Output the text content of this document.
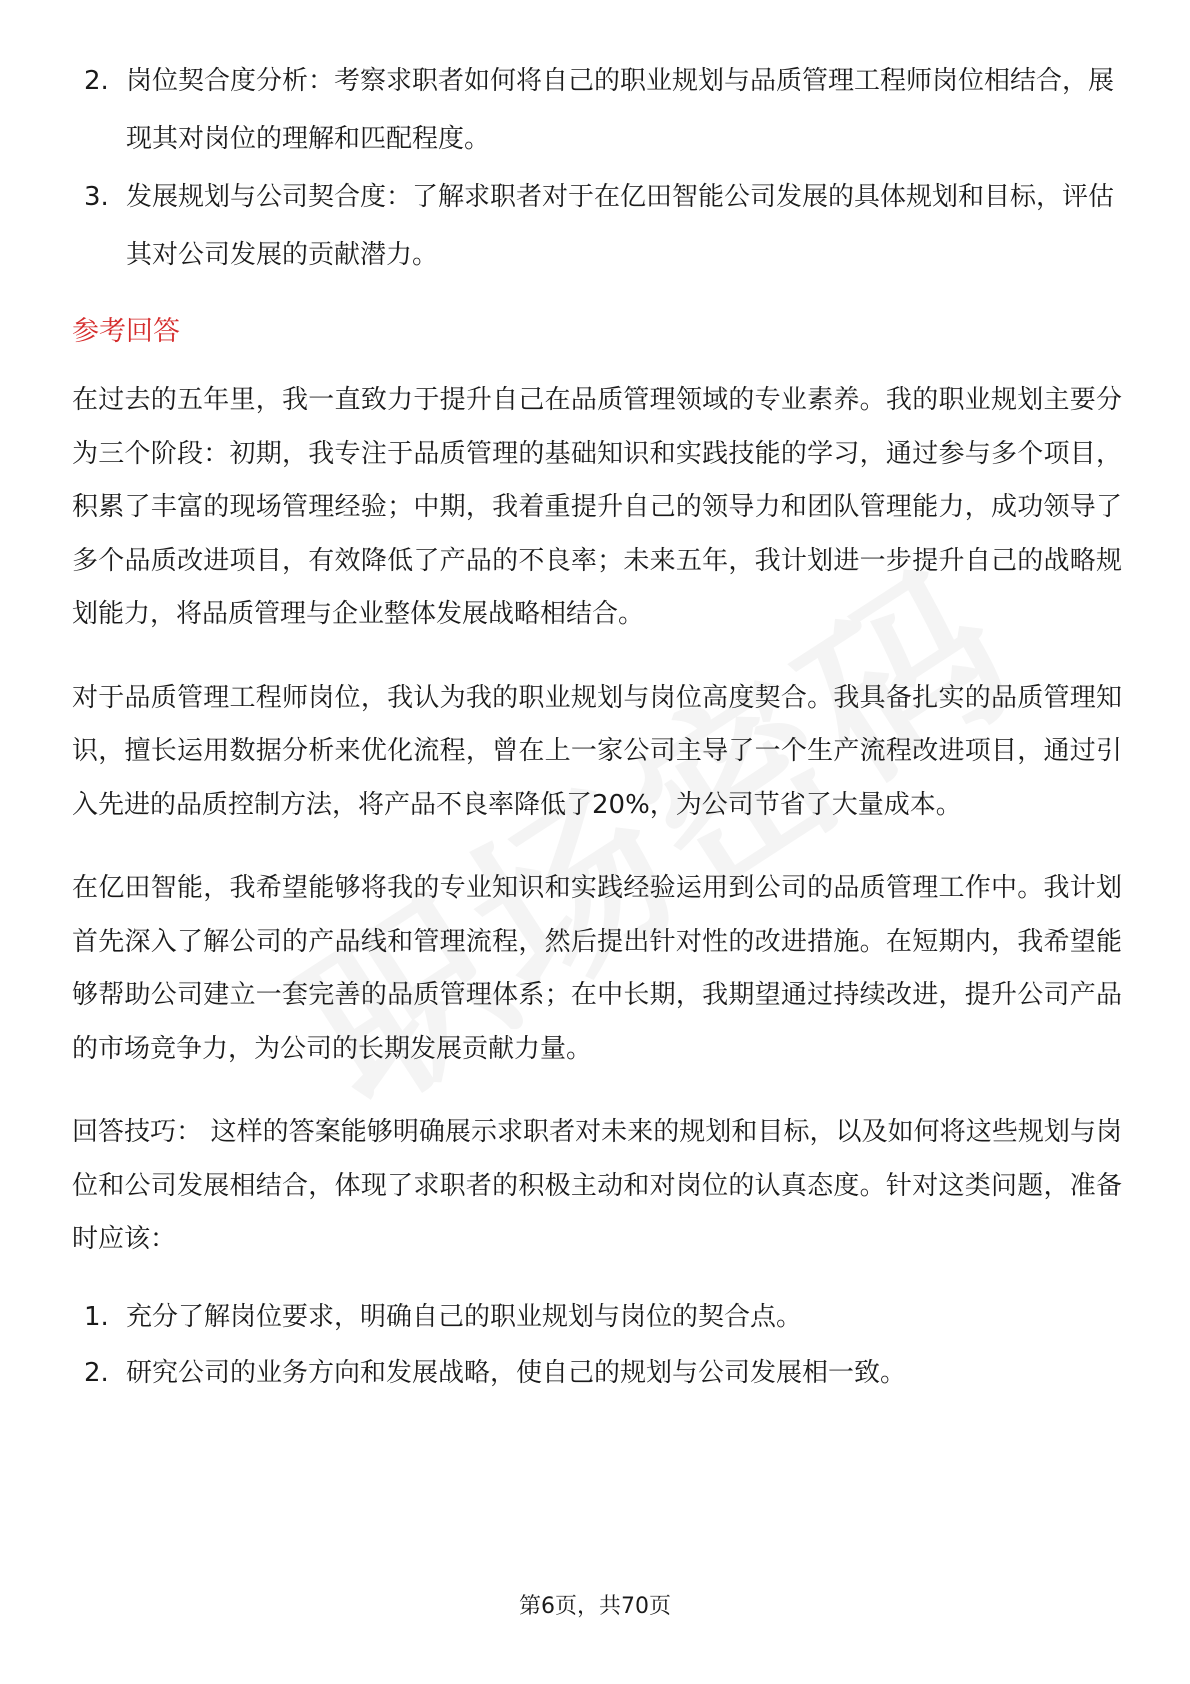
2. 岗位契合度分析：考察求职者如何将自己的职业规划与品质管理工程师岗位相结合，展现其对岗位的理解和匹配程度。
3. 发展规划与公司契合度：了解求职者对于在亿田智能公司发展的具体规划和目标，评估其对公司发展的贡献潜力。
参考回答

在过去的五年里，我一直致力于提升自己在品质管理领域的专业素养。我的职业规划主要分为三个阶段：初期，我专注于品质管理的基础知识和实践技能的学习，通过参与多个项目，积累了丰富的现场管理经验；中期，我着重提升自己的领导力和团队管理能力，成功领导了多个品质改进项目，有效降低了产品的不良率；未来五年，我计划进一步提升自己的战略规划能力，将品质管理与企业整体发展战略相结合。

对于品质管理工程师岗位，我认为我的职业规划与岗位高度契合。我具备扎实的品质管理知识，擅长运用数据分析来优化流程，曾在上一家公司主导了一个生产流程改进项目，通过引入先进的品质控制方法，将产品不良率降低了20%，为公司节省了大量成本。

在亿田智能，我希望能够将我的专业知识和实践经验运用到公司的品质管理工作中。我计划首先深入了解公司的产品线和管理流程，然后提出针对性的改进措施。在短期内，我希望能够帮助公司建立一套完善的品质管理体系；在中长期，我期望通过持续改进，提升公司产品的市场竞争力，为公司的长期发展贡献力量。

回答技巧： 这样的答案能够明确展示求职者对未来的规划和目标，以及如何将这些规划与岗位和公司发展相结合，体现了求职者的积极主动和对岗位的认真态度。针对这类问题，准备时应该：

1. 充分了解岗位要求，明确自己的职业规划与岗位的契合点。
2. 研究公司的业务方向和发展战略，使自己的规划与公司发展相一致。
第6页，共70页
